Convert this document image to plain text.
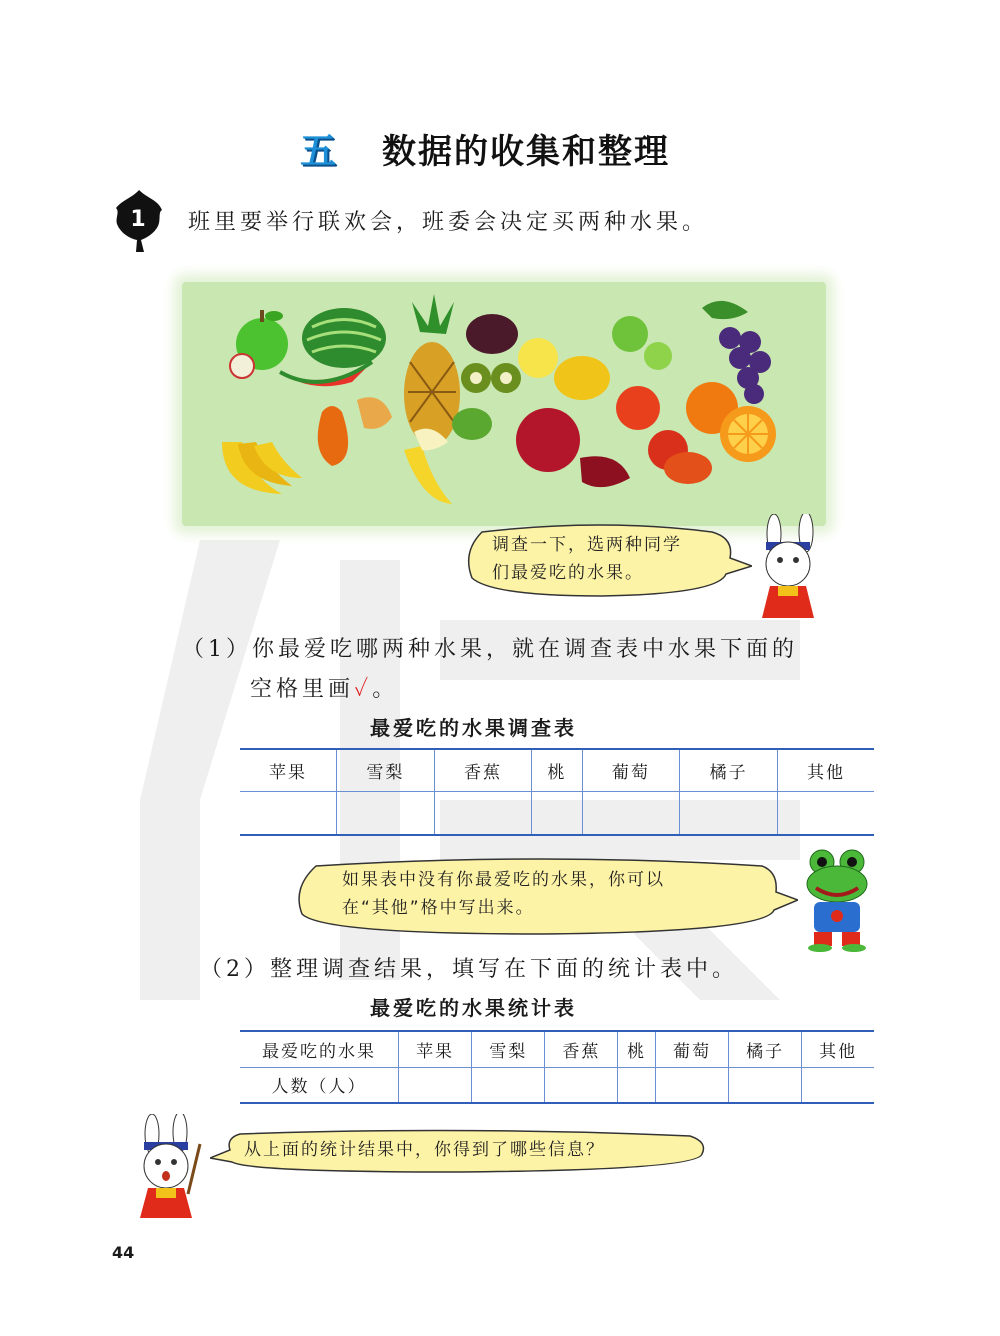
五	数据的收集和整理
1 班里要举行联欢会，班委会决定买两种水果。
调查一下，选两种同学
们最爱吃的水果。
（1）你最爱吃哪两种水果，就在调查表中水果下面的
空格里画✓。
最爱吃的水果调查表
苹果	雪梨	香蕉	桃	葡萄	橘子	其他

如果表中没有你最爱吃的水果，你可以
在“其他”格中写出来。
（2）整理调查结果，填写在下面的统计表中。
最爱吃的水果统计表
最爱吃的水果	苹果	雪梨	香蕉	桃	葡萄	橘子	其他
人数（人）							
从上面的统计结果中，你得到了哪些信息？
44
